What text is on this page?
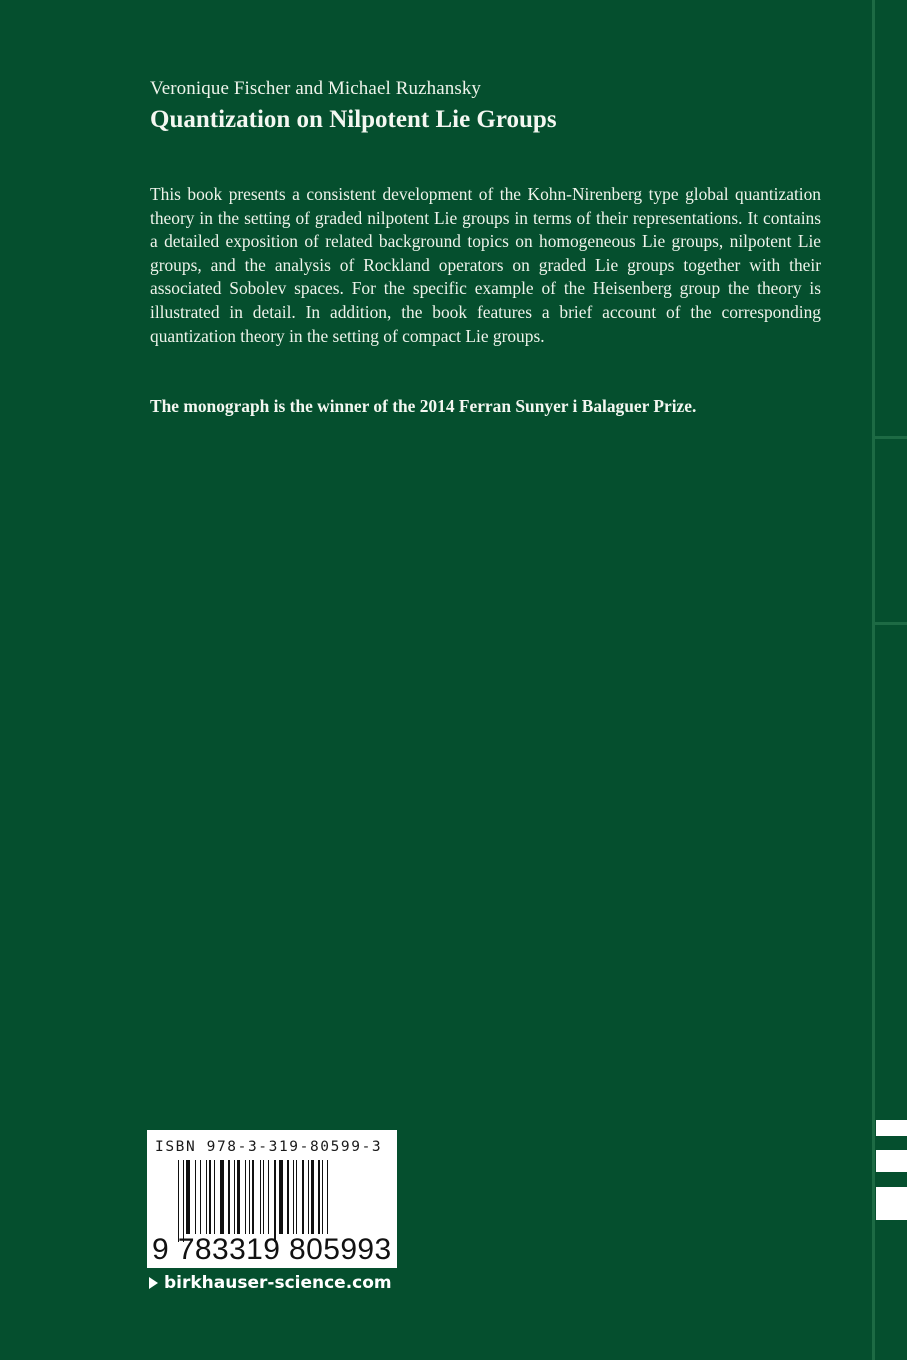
Veronique Fischer and Michael Ruzhansky
Quantization on Nilpotent Lie Groups

This book presents a consistent development of the Kohn-Nirenberg type global quantization theory in the setting of graded nilpotent Lie groups in terms of their representations. It contains a detailed exposition of related background topics on homogeneous Lie groups, nilpotent Lie groups, and the analysis of Rockland operators on graded Lie groups together with their associated Sobolev spaces. For the specific example of the Heisenberg group the theory is illustrated in detail. In addition, the book features a brief account of the corresponding quantization theory in the setting of compact Lie groups.

The monograph is the winner of the 2014 Ferran Sunyer i Balaguer Prize.

ISBN 978-3-319-80599-3
9 783319 805993
birkhauser-science.com
